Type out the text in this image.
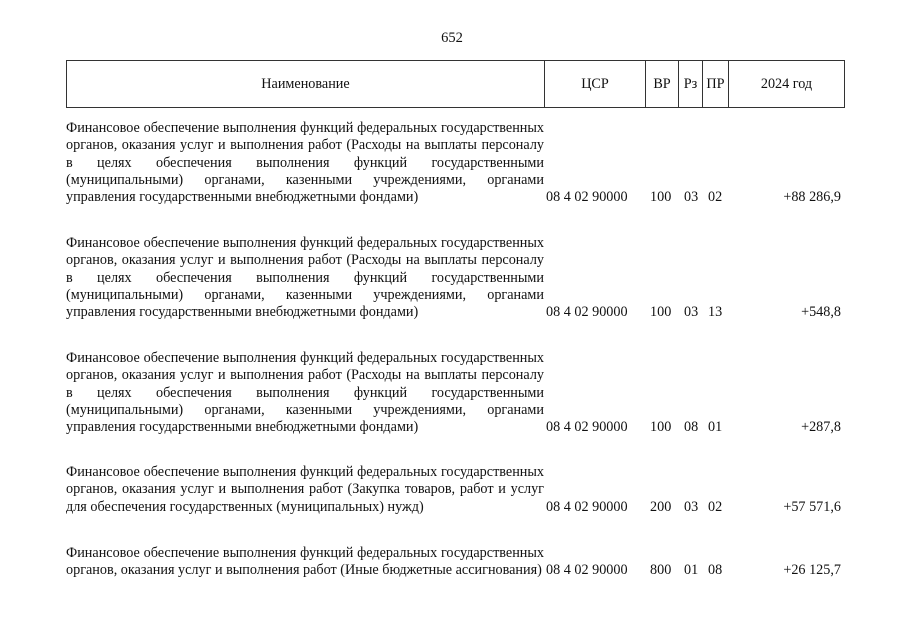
652
Наименование	ЦСР	ВР Рз ПР	2024 год
Финансовое обеспечение выполнения функций федеральных государственных органов, оказания услуг и выполнения работ (Расходы на выплаты персоналу в целях обеспечения выполнения функций государственными (муниципальными) органами, казенными учреждениями, органами управления государственными внебюджетными фондами)	08 4 02 90000	100 03 02	+88 286,9
Финансовое обеспечение выполнения функций федеральных государственных органов, оказания услуг и выполнения работ (Расходы на выплаты персоналу в целях обеспечения выполнения функций государственными (муниципальными) органами, казенными учреждениями, органами управления государственными внебюджетными фондами)	08 4 02 90000	100 03 13	+548,8
Финансовое обеспечение выполнения функций федеральных государственных органов, оказания услуг и выполнения работ (Расходы на выплаты персоналу в целях обеспечения выполнения функций государственными (муниципальными) органами, казенными учреждениями, органами управления государственными внебюджетными фондами)	08 4 02 90000	100 08 01	+287,8
Финансовое обеспечение выполнения функций федеральных государственных органов, оказания услуг и выполнения работ (Закупка товаров, работ и услуг для обеспечения государственных (муниципальных) нужд)	08 4 02 90000	200 03 02	+57 571,6
Финансовое обеспечение выполнения функций федеральных государственных органов, оказания услуг и выполнения работ (Иные бюджетные ассигнования) 08 4 02 90000	800 01 08	+26 125,7
